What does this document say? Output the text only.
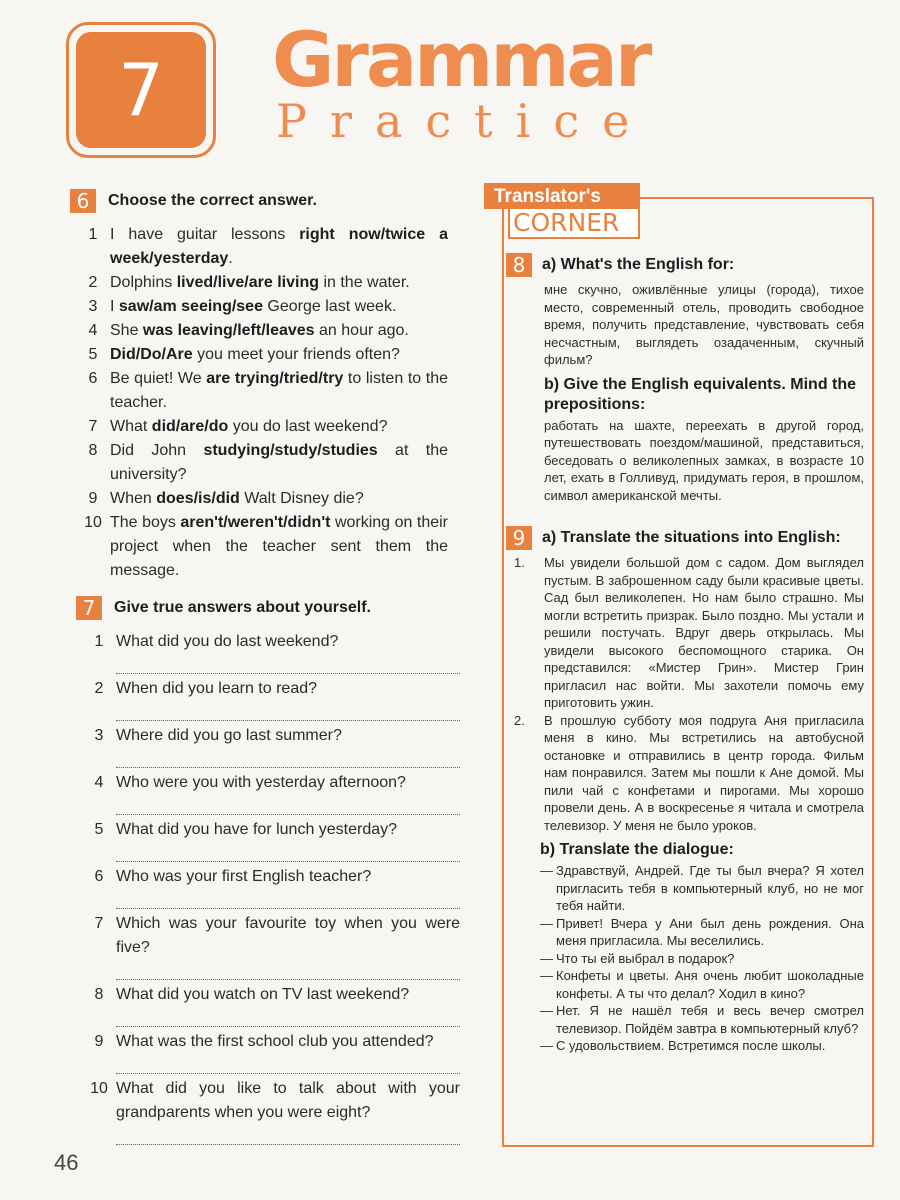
7 Grammar
Practice
6	Choose the correct answer.
1 I have guitar lessons right now/twice a week/yesterday.
2 Dolphins lived/live/are living in the water.
3 I saw/am seeing/see George last week.
4 She was leaving/left/leaves an hour ago.
5 Did/Do/Are you meet your friends often?
6 Be quiet! We are trying/tried/try to listen to the teacher.
7 What did/are/do you do last weekend?
8 Did John studying/study/studies at the university?
9 When does/is/did Walt Disney die?
10 The boys aren't/weren't/didn't working on their project when the teacher sent them the message.
7	Give true answers about yourself.
1 What did you do last weekend?
2 When did you learn to read?
3 Where did you go last summer?
4 Who were you with yesterday afternoon?
5 What did you have for lunch yesterday?
6 Who was your first English teacher?
7 Which was your favourite toy when you were five?
8 What did you watch on TV last weekend?
9 What was the first school club you attended?
10 What did you like to talk about with your grandparents when you were eight?
46
8	a) What's the English for:

мне скучно, оживлённые улицы (города), тихое место, современный отель, проводить свободное время, получить представление, чувствовать себя несчастным, выглядеть озадаченным, скучный фильм?

b) Give the English equivalents. Mind the prepositions:

работать на шахте, переехать в другой город, путешествовать поездом/машиной, представиться, беседовать о великолепных замках, в возрасте 10 лет, ехать в Голливуд, придумать героя, в прошлом, символ американской мечты.

9	a) Translate the situations into English:
1.	Мы увидели большой дом с садом. Дом выглядел пустым. В заброшенном саду были красивые цветы. Сад был великолепен. Но нам было страшно. Мы могли встретить призрак. Было поздно. Мы устали и решили постучать. Вдруг дверь открылась. Мы увидели высокого беспомощного старика. Он представился: «Мистер Грин». Мистер Грин пригласил нас войти. Мы захотели помочь ему приготовить ужин.
2.	В прошлую субботу моя подруга Аня пригласила меня в кино. Мы встретились на автобусной остановке и отправились в центр города. Фильм нам понравился. Затем мы пошли к Ане домой. Мы пили чай с конфетами и пирогами. Мы хорошо провели день. А в воскресенье я читала и смотрела телевизор. У меня не было уроков.

b) Translate the dialogue:

— Здравствуй, Андрей. Где ты был вчера? Я хотел пригласить тебя в компьютерный клуб, но не мог тебя найти.
— Привет! Вчера у Ани был день рождения. Она меня пригласила. Мы веселились.
— Что ты ей выбрал в подарок?
— Конфеты и цветы. Аня очень любит шоколадные конфеты. А ты что делал? Ходил в кино?
— Нет. Я не нашёл тебя и весь вечер смотрел телевизор. Пойдём завтра в компьютерный клуб?
— С удовольствием. Встретимся после школы.
Translator's
CORNER
